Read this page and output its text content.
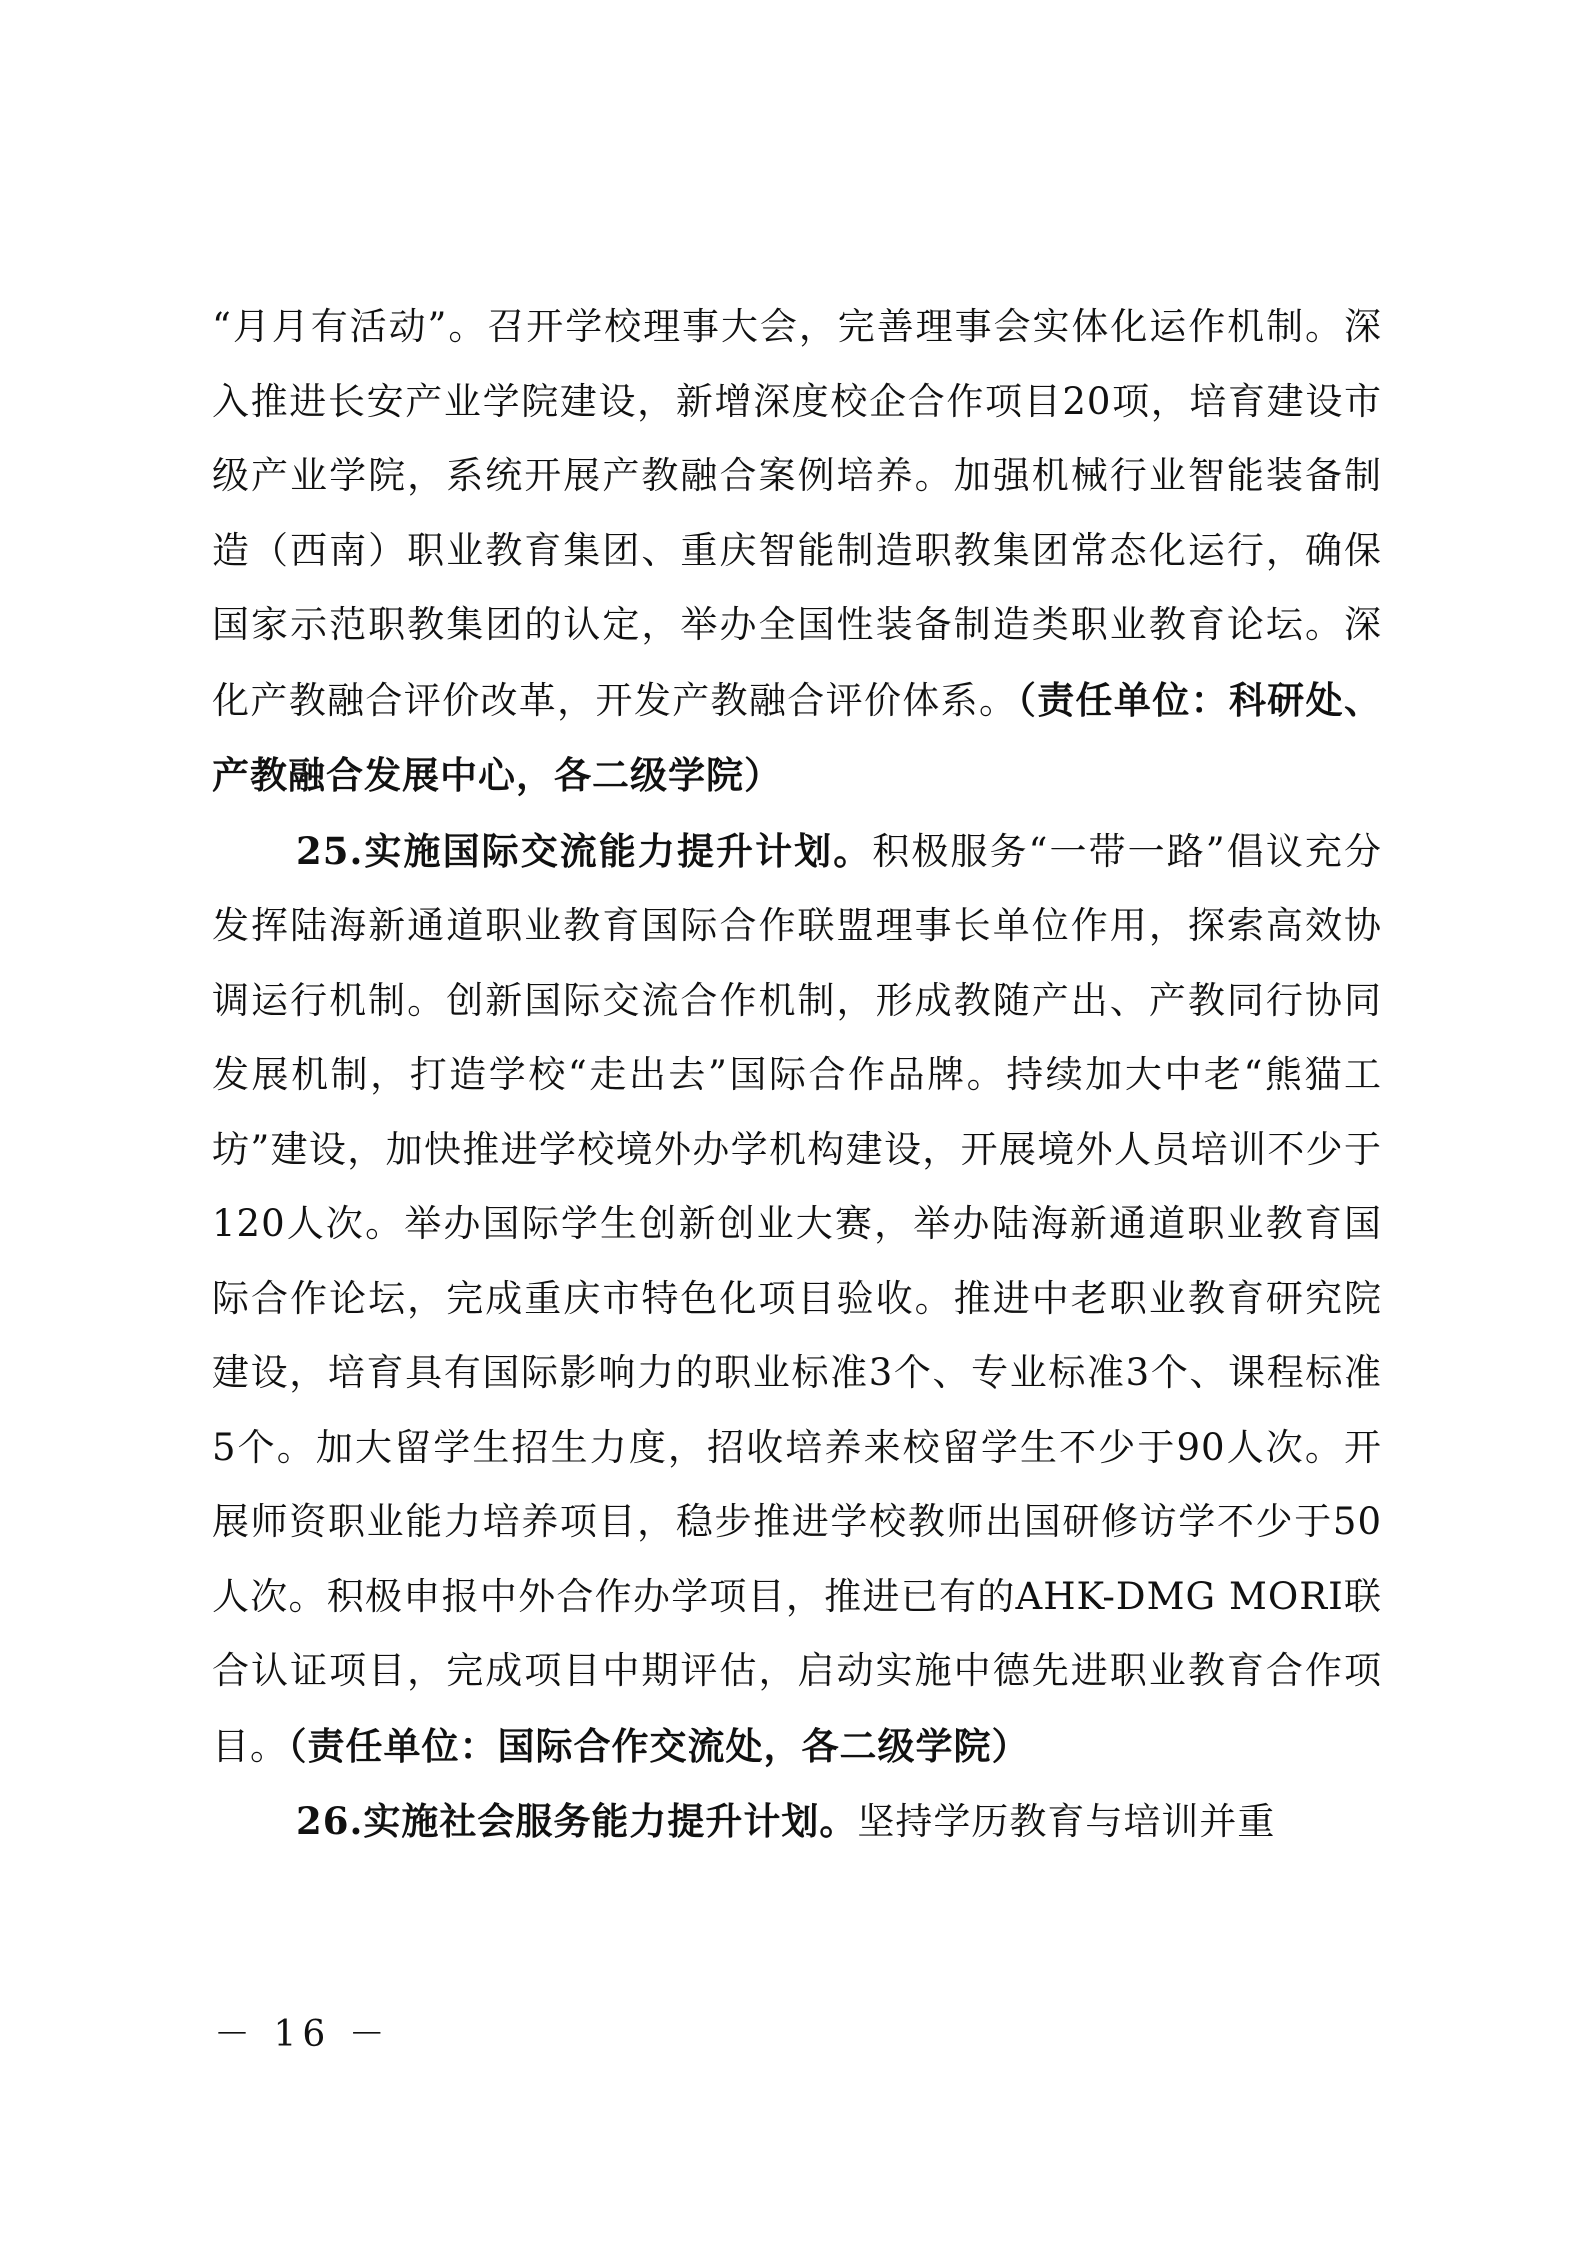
“月月有活动”。召开学校理事大会，完善理事会实体化运作机制。深入推进长安产业学院建设，新增深度校企合作项目20项，培育建设市级产业学院，系统开展产教融合案例培养。加强机械行业智能装备制造（西南）职业教育集团、重庆智能制造职教集团常态化运行，确保国家示范职教集团的认定，举办全国性装备制造类职业教育论坛。深化产教融合评价改革，开发产教融合评价体系。（责任单位：科研处、产教融合发展中心，各二级学院）

25.实施国际交流能力提升计划。积极服务“一带一路”倡议充分发挥陆海新通道职业教育国际合作联盟理事长单位作用，探索高效协调运行机制。创新国际交流合作机制，形成教随产出、产教同行协同发展机制，打造学校“走出去”国际合作品牌。持续加大中老“熊猫工坊”建设，加快推进学校境外办学机构建设，开展境外人员培训不少于120人次。举办国际学生创新创业大赛，举办陆海新通道职业教育国际合作论坛，完成重庆市特色化项目验收。推进中老职业教育研究院建设，培育具有国际影响力的职业标准3个、专业标准3个、课程标准5个。加大留学生招生力度，招收培养来校留学生不少于90人次。开展师资职业能力培养项目，稳步推进学校教师出国研修访学不少于50人次。积极申报中外合作办学项目，推进已有的AHK-DMG MORI联合认证项目，完成项目中期评估，启动实施中德先进职业教育合作项目。（责任单位：国际合作交流处，各二级学院）

26.实施社会服务能力提升计划。坚持学历教育与培训并重

－ 16 －
